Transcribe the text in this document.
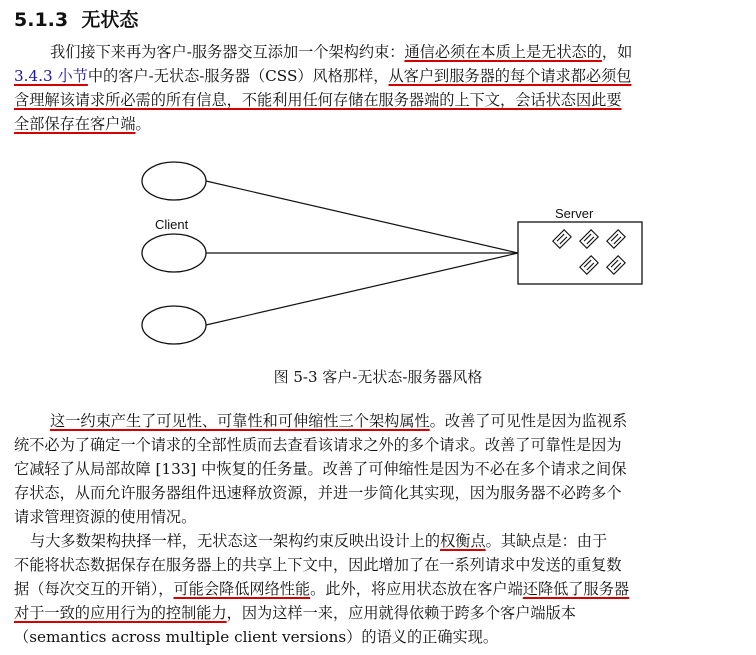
5.1.3 无状态
我们接下来再为客户-服务器交互添加一个架构约束：通信必须在本质上是无状态的，如
3.4.3 小节中的客户-无状态-服务器（CSS）风格那样，从客户到服务器的每个请求都必须包
含理解该请求所必需的所有信息，不能利用任何存储在服务器端的上下文，会话状态因此要
全部保存在客户端。
Client
Server
图 5-3 客户-无状态-服务器风格
这一约束产生了可见性、可靠性和可伸缩性三个架构属性。改善了可见性是因为监视系
统不必为了确定一个请求的全部性质而去查看该请求之外的多个请求。改善了可靠性是因为
它减轻了从局部故障 [133] 中恢复的任务量。改善了可伸缩性是因为不必在多个请求之间保
存状态，从而允许服务器组件迅速释放资源，并进一步简化其实现，因为服务器不必跨多个
请求管理资源的使用情况。
与大多数架构抉择一样，无状态这一架构约束反映出设计上的权衡点。其缺点是：由于
不能将状态数据保存在服务器上的共享上下文中，因此增加了在一系列请求中发送的重复数
据（每次交互的开销），可能会降低网络性能。此外，将应用状态放在客户端还降低了服务器
对于一致的应用行为的控制能力，因为这样一来，应用就得依赖于跨多个客户端版本
（semantics across multiple client versions）的语义的正确实现。
